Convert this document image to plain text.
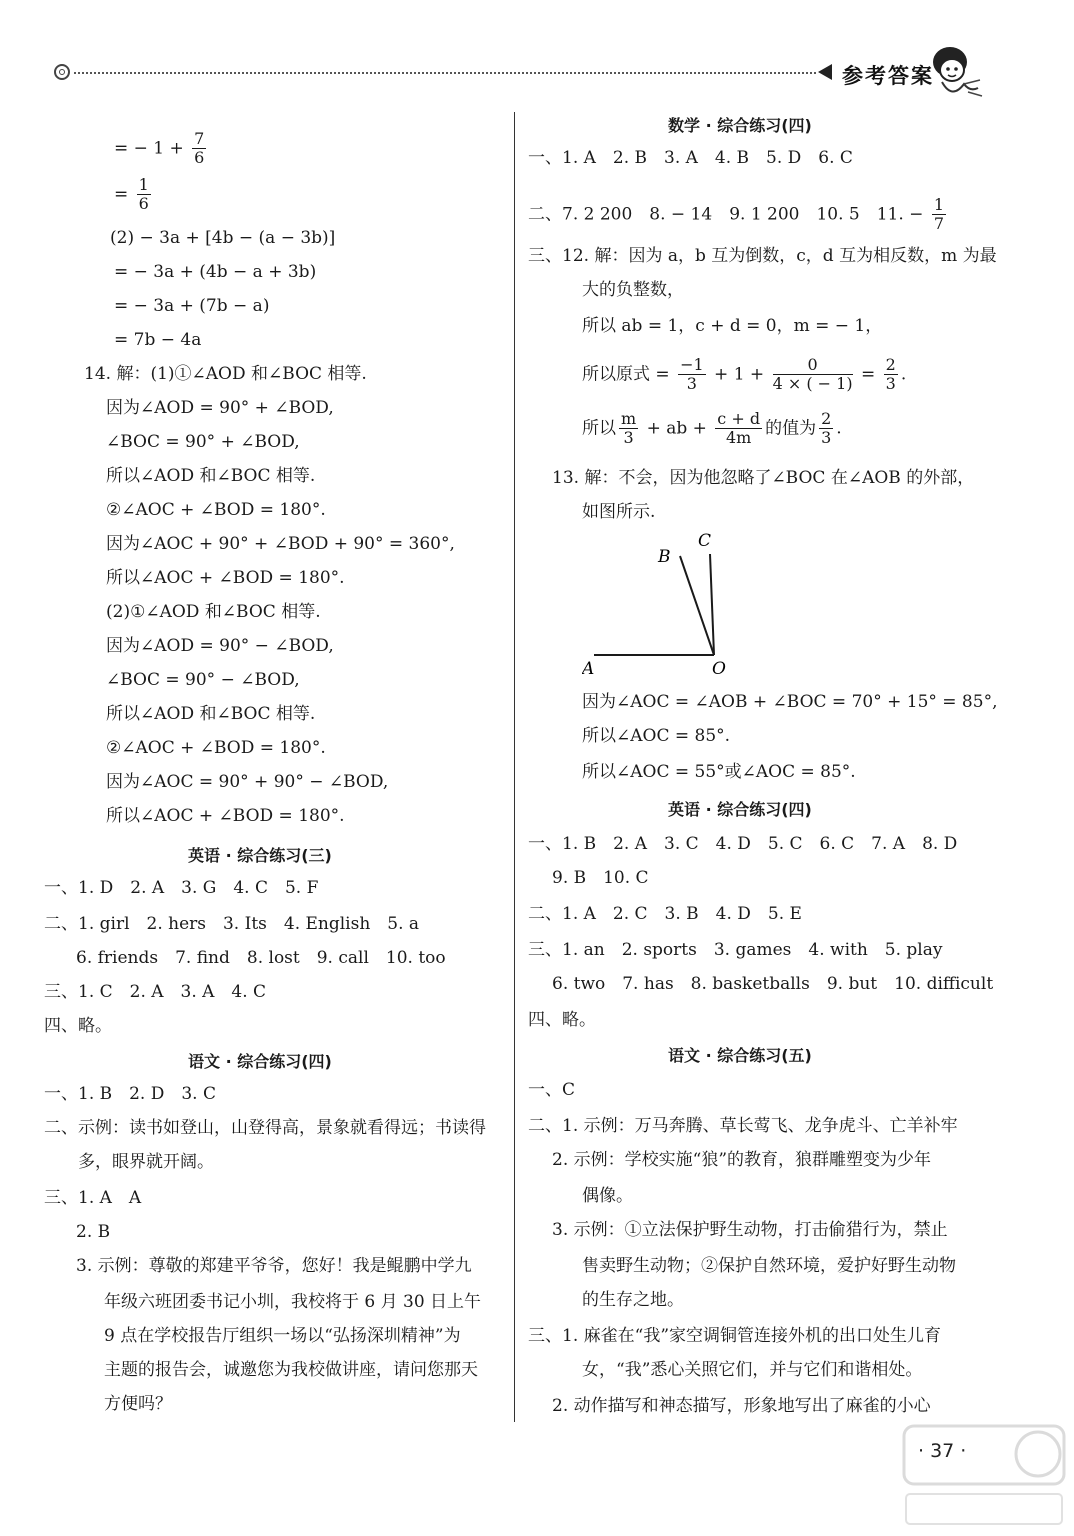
参考答案
= − $1 + \frac{7}{6}$
= $\frac{1}{6}$
(2) − 3a + [4b − (a − 3b)]
= − 3a + (4b − a + 3b)
= − 3a + (7b − a)
= 7b − 4a
14. 解：(1)①∠AOD 和∠BOC 相等.
因为∠AOD = 90° + ∠BOD,
∠BOC = 90° + ∠BOD,
所以∠AOD 和∠BOC 相等.
②∠AOC + ∠BOD = 180°.
因为∠AOC + 90° + ∠BOD + 90° = 360°,
所以∠AOC + ∠BOD = 180°.
(2)①∠AOD 和∠BOC 相等.
因为∠AOD = 90° − ∠BOD,
∠BOC = 90° − ∠BOD,
所以∠AOD 和∠BOC 相等.
②∠AOC + ∠BOD = 180°.
因为∠AOC = 90° + 90° − ∠BOD,
所以∠AOC + ∠BOD = 180°.
英语 · 综合练习(三)
一、1. D　2. A　3. G　4. C　5. F
二、1. girl　2. hers　3. Its　4. English　5. a
6. friends　7. find　8. lost　9. call　10. too
三、1. C　2. A　3. A　4. C
四、略。
语文 · 综合练习(四)
一、1. B　2. D　3. C
二、示例：读书如登山，山登得高，景象就看得远；书读得
多，眼界就开阔。
三、1. A　A
2. B
3. 示例：尊敬的郑建平爷爷，您好！我是鲲鹏中学九
年级六班团委书记小圳，我校将于 6 月 30 日上午
9 点在学校报告厅组织一场以“弘扬深圳精神”为
主题的报告会，诚邀您为我校做讲座，请问您那天
方便吗？
A	O
B
C
数学 · 综合练习(四)
一、1. A　2. B　3. A　4. B　5. D　6. C
二、7. 2 200　8. − 14　9. 1 200　10. 5　11. − $\frac{1}{7}$
三、12. 解：因为 a，b 互为倒数，c，d 互为相反数，m 为最
大的负整数，
所以 ab = 1，c + d = 0，m = − 1，
所以原式 = $\frac{-1}{3} + 1 + \frac{0}{4 \times ( - 1)} = \frac{2}{3}$ .
所以 $\frac{m}{3}$ + ab + $\frac{c + d}{4m}$ 的值为 $\frac{2}{3}$ .
13. 解：不会，因为他忽略了∠BOC 在∠AOB 的外部，
如图所示.
因为∠AOC = ∠AOB + ∠BOC = 70° + 15° = 85°,
所以∠AOC = 85°.
所以∠AOC = 55°或∠AOC = 85°.
英语 · 综合练习(四)
一、1. B　2. A　3. C　4. D　5. C　6. C　7. A　8. D
9. B　10. C
二、1. A　2. C　3. B　4. D　5. E
三、1. an　2. sports　3. games　4. with　5. play
6. two　7. has　8. basketballs　9. but　10. difficult
四、略。
语文 · 综合练习(五)
一、C
二、1. 示例：万马奔腾、草长莺飞、龙争虎斗、亡羊补牢
2. 示例：学校实施“狼”的教育，狼群雕塑变为少年
偶像。
3. 示例：①立法保护野生动物，打击偷猎行为，禁止
售卖野生动物；②保护自然环境，爱护好野生动物
的生存之地。
三、1. 麻雀在“我”家空调铜管连接外机的出口处生儿育
女，“我”悉心关照它们，并与它们和谐相处。
2. 动作描写和神态描写，形象地写出了麻雀的小心
· 37 ·
